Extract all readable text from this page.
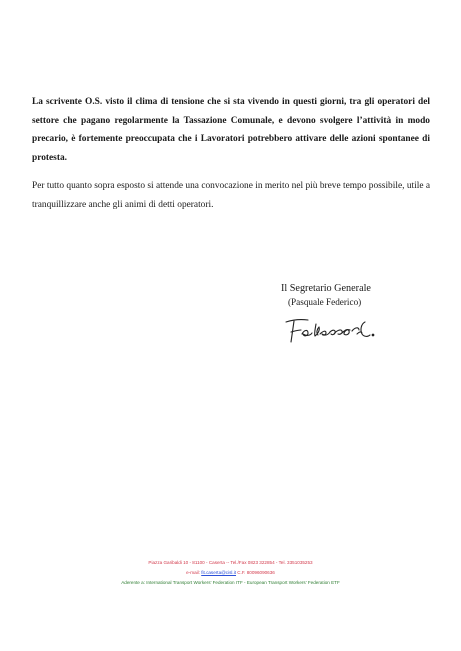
La scrivente O.S. visto il clima di tensione che si sta vivendo in questi giorni, tra gli operatori del settore che pagano regolarmente la Tassazione Comunale, e devono svolgere l’attività in modo precario, è fortemente preoccupata che i Lavoratori potrebbero attivare delle azioni spontanee di protesta.

Per tutto quanto sopra esposto si attende una convocazione in merito nel più breve tempo possibile, utile a tranquillizzare anche gli animi di detti operatori.

Il Segretario Generale
(Pasquale Federico)
Piazza Garibaldi 10 - 81100 - Caserta -- Tel./Fax 0823 322854 - Tel. 3351035253
e-mail: fit.caserta@cisl.it C.F. 80096090636
Aderente a: International Transport Workers’ Federation ITF - European Transport Workers’ Federation ETF
